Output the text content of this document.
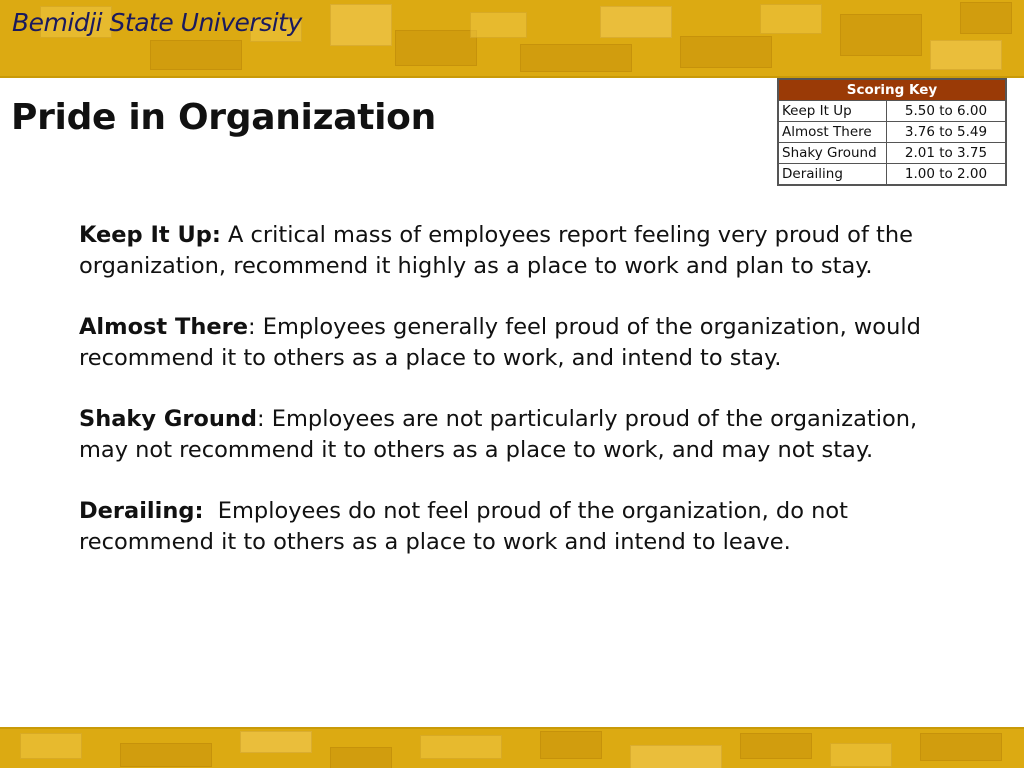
Bemidji State University
Pride in Organization
Scoring Key	
Keep It Up	5.50 to 6.00
Almost There	3.76 to 5.49
Shaky Ground	2.01 to 3.75
Derailing	1.00 to 2.00

Keep It Up: A critical mass of employees report feeling very proud of the organization, recommend it highly as a place to work and plan to stay.

Almost There: Employees generally feel proud of the organization, would recommend it to others as a place to work, and intend to stay.

Shaky Ground: Employees are not particularly proud of the organization, may not recommend it to others as a place to work, and may not stay.

Derailing:  Employees do not feel proud of the organization, do not recommend it to others as a place to work and intend to leave.
